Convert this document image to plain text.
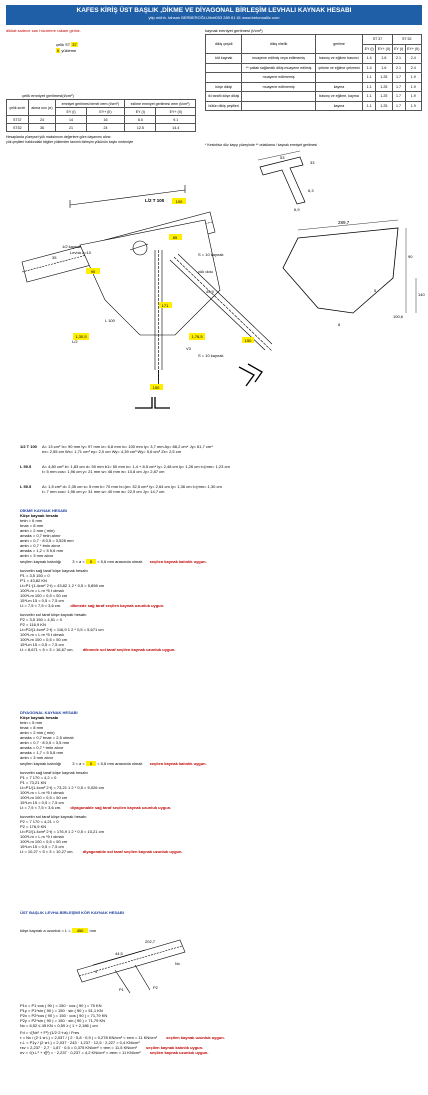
KAFES KİRİŞ ÜST BAŞLIK ,DİKME VE DİYAGONAL BİRLEŞİM LEVHALI KAYNAK HESABI
ytip.mühh. tahsan BERBEROĞLU/bel053 289 61 61 www.betonoaliiz.com
dikkat sadece sarı hücrelere rakam giriniz.
çelik ST 37
II yükleme
çelik emniyet gerilmesi(t/cm²)
çelik sınıfı	akma sını (σ)	emniyet gerilmesi temel σem (t/cm²)		ezilme emniyet gerilmesi σem (t/cm²)	
		EY (I)	EY+ (II)	EY (I)	EY+ (II)
ST37	24	14	16	8.0	9.1
ST52	36	21	24	12.5	14.4
Hesaplarda yüzeysel yük maksimum değerlere göre dayanımı alınır.
yük çeşitleri hakkındaki bilgiler yüklerden tanımlı birleşim yükünün kaybı nedeniyle
kaynak emniyet gerilmesi (t/cm²)
dikiş çeşidi	dikiş nitelik	gerilme	ST 37		ST 52	
			EY (I)	EY+ (II)	EY (I)	EY+ (II)
küt kaynak	muayene edilmiş veya edilmemiş	basınç ve eğilme basıncı	1.4	1.6	2.1	2.4
	** çatlak sağlamlık dikiş muayene edilmiş	çekme ve eğilme çekmesi	1.4	1.6	2.1	2.4
	muayene edilmemiş		1.1	1.25	1.7	1.9
köşe dikişi	muayene edilmemiş	kayma	1.1	1.25	1.7	1.9
iki taraflı köşe dikişi		basınç ve eğilme, kayma	1.1	1.25	1.7	1.9
bütün dikiş çeşitleri		kayma	1.1	1.25	1.7	1.9
* Kesintisiz düz kayıp yüzeyinde ** ortaklama / kaynak emniyet gerilmesi
100
65
90
171
1,30,5	1,76,5
150
150
L/2 T 100
1/2 kaynak
Levha a=10	S = 10 kaynak
yük dolu
S = 10 kaynak
L 100
35
45,5
L/2
V3
53
33
6,3
6,9
289,7
90
5
8
140
100,6
1/2 T 100	A= 13 cm² Ix= 90 mm Iy= 97 mm iz= 6,8 mm ix= 100 mm iy= 3,7 mm Ay= 88,2 cm⁴ Jy= 61,7 cm⁴
ex= 2,55 cm Wx= 1,71 cm³ ey= 2,0 cm Wy= 4,39 cm³ Wy= 5,6 cm³ Zx= 2,5 cm
L 50.5	A= 4,80 cm² b= 1,83 cm d= 50 mm b1= 50 mm ix= 1,4 + 8,5 cm⁴ ly= 2,48 cm ly= 1,26 cm t=(mm= 1,23 cm
t= 5 mm cos= 1,96 cm y= 21 mm w= 46 mm w= 10,8 cm Jy= 2,87 cm
L 50.5	A= 1,5 cm² d= 2,35 cm s= 5 mm b= 70 mm Ix=(w= 32,5 cm⁴ ly= 2,64 cm ly= 1,36 cm t=(mm= 1,30 cm
t= 7 mm cos= 1,96 cm y= 31 mm w= 40 mm w= 22,9 cm Jy= 14,7 cm
DİKME KAYNAK HESABI
Köşe kaynak hesabı
tmin = 6 mm
tmax = 8 mm
amin = 2 mm ( min)
amaks = 0,7 tmin alınır
amin = 0,7 · 8 0,5 = 3,528 mm
amin = 0,7 * tmin alınır
amaks = 1,2 = 5 5,6 mm
amin = 3 mm alınır
seçilen kaynak kalınlığı	3 < a < 5 < 5,6 mm arasında olmalı seçilen kaynak kalınlık uygun.
kuvvetin sağ taraf köşe kaynak hesabı
P1 = 3,5 150 = 0
P'1 = 43,82 KN
Lt=P1·(1.4cm² 2·t) = 43,82 1 2 * 0,5 = 5,898 cm
100*Lm = L m *5 t olmalı
100*Lm 100 = 0,5 = 50 cm
15*Lm 15 = 0,5 = 7,5 cm
Lt = 7,5 < 7,5 < 3,6 cm. dikmede sağ taraf seçilen kaynak uzunluk uygun.
kuvvetin sol taraf köşe kaynak hesabı
P2 = 3,5 150 = 4,51 = 0
P2 = 116,9 KN
Lt=P2/(1.4cm² 2·t) = 116,9 1 2 * 0,5 = 5,671 cm
100*Lm = L m *5 t olmalı
100*Lm 100 = 0,5 = 50 cm
15*Lm 15 = 0,5 = 7,5 cm
Lt = 8,671 < 5 < 3 = 16,67 cm. dikmede sol taraf seçilen kaynak uzunluk uygun.
DİYAGONAL KAYNAK HESABI
Köşe kaynak hesabı
tmin = 5 mm
tmax = 8 mm
amin = 2 mm ( min)
amaks = 0,7 tmax = 2,5 olmalı
amin = 0,7 · 8 0,5 = 3,5 mm
amaks = 0,7 * tmin alınır
amaks = 1,7 = 5 5,8 mm
amin = 3 mm alınır
seçilen kaynak kalınlığı	3 < a < 5 < 5,6 mm arasında olmalı seçilen kaynak kalınlık uygun.
kuvvetin sağ taraf köşe kaynak hesabı
P1 = 7 170 = 4,2 = 0
P1 = 73,21 KN
Lt=P1/(1.4cm² 2·t) = 73,21 1 2 * 0,5 = 5,026 cm
100*Lm = L m *5 t olmalı
100*Lm 100 = 0,5 = 50 cm
15*Lm 15 = 0,5 = 7,5 cm
Lt = 7,5 < 7,5 < 3,6 cm. diyagonalde sağ taraf seçilen kaynak uzunluk uygun.
kuvvetin sol taraf köşe kaynak hesabı
P2 = 7 170 = 4,21 = 0
P2 = 176,9 KN
Lt=P2/(1.4cm² 2·t) = 176,9 1 2 * 0,5 = 10,21 cm
100*Lm = L m *5 t olmalı
100*Lm 100 = 0,5 = 50 cm
15*Lm 15 = 0,5 = 7,5 cm
Lt = 10,27 < 5 < 3 = 10,27 cm. diyagonalde sol taraf seçilen kaynak uzunluk uygun.
ÜST BAŞLIK LEVHA BİRLEŞİMİ KÖR KAYNAK HESABI
köşe kaynak a uzunluk = L = 450 mm
202,7
44,5
5
P1	P2
Nx
P1x = P1·cos ( 90 ) = 150 · cos ( 90 ) = 75 KN
P1y = P1*sin ( 90 ) = 150 · sin ( 90 ) = 51,1 KN
P2x = P2*cos ( 90 ) = 150 · cos ( 90 ) = 71,79 KN
P2y = P2*sin ( 90 ) = 150 · sin ( 90 ) = 71,79 KN
Nx = 6,52 ≤ 45 KN = 0,59 ≥ ( 1 + 2,186 ) cm
Fd = √(Nx² + F²)·(1/2·2·t·a) / Fres
τ = Nx / (2·1·a·L) = 2,037 / ( 2 · 5,8 · 0,9 ) = 0,278 KN/cm² < τem = 11 KN/cm² seçilen kaynak uzunluk uygun.
τ⊥ = P1y / (2·a·L) = 2,037 · 243 · 1,237 · 12,5 · 2,227 = 0,4 KN/cm²
τsv = 2,237 · 2,7 · 1,87 · 0,5 = 0,375 KN/cm² < τem = 11,5 KN/cm² seçilen kaynak kalınlık uygun.
σv = √(τ⊥² + τ∥²) = · 2,237 · 0,237 = 4,2 KN/cm² < σem = 11 KN/cm² seçilen kaynak uzunluk uygun.
